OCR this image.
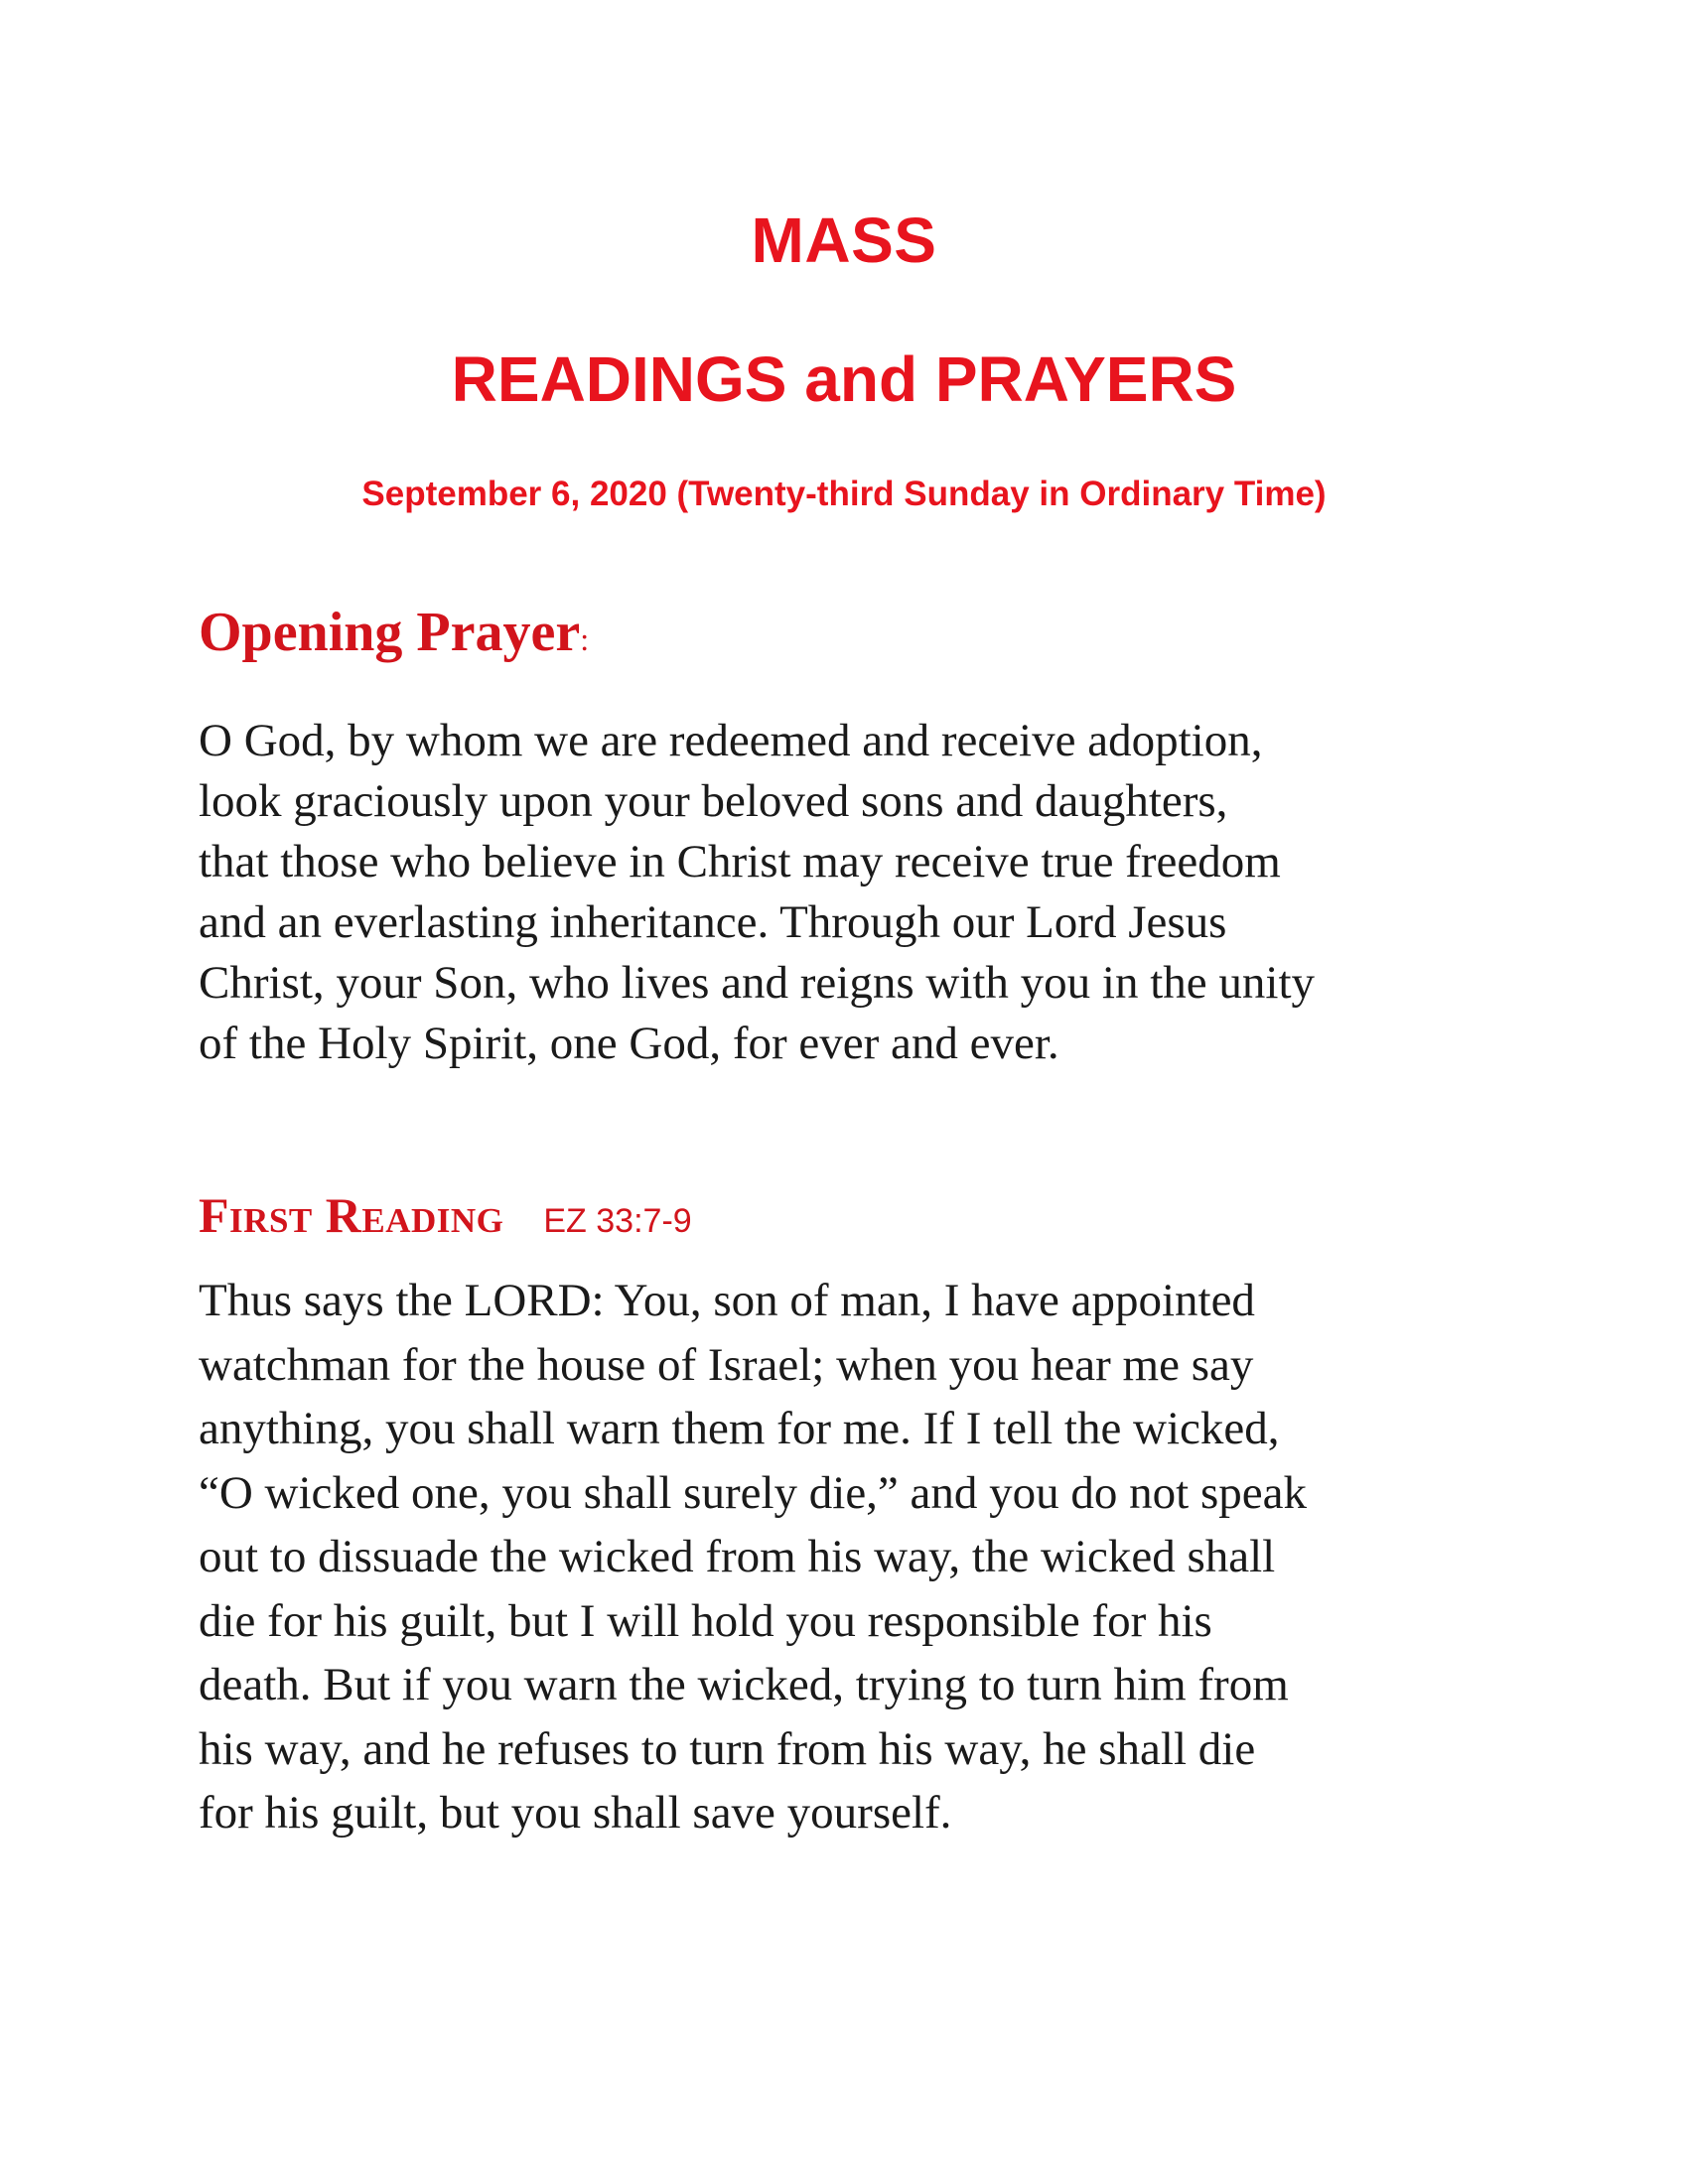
MASS
READINGS and PRAYERS
September 6, 2020 (Twenty-third Sunday in Ordinary Time)
Opening Prayer:
O God, by whom we are redeemed and receive adoption,
look graciously upon your beloved sons and daughters,
that those who believe in Christ may receive true freedom
and an everlasting inheritance. Through our Lord Jesus
Christ, your Son, who lives and reigns with you in the unity
of the Holy Spirit, one God, for ever and ever.
First Reading EZ 33:7-9
Thus says the LORD: You, son of man, I have appointed
watchman for the house of Israel; when you hear me say
anything, you shall warn them for me. If I tell the wicked,
“O wicked one, you shall surely die,” and you do not speak
out to dissuade the wicked from his way, the wicked shall
die for his guilt, but I will hold you responsible for his
death. But if you warn the wicked, trying to turn him from
his way, and he refuses to turn from his way, he shall die
for his guilt, but you shall save yourself.
